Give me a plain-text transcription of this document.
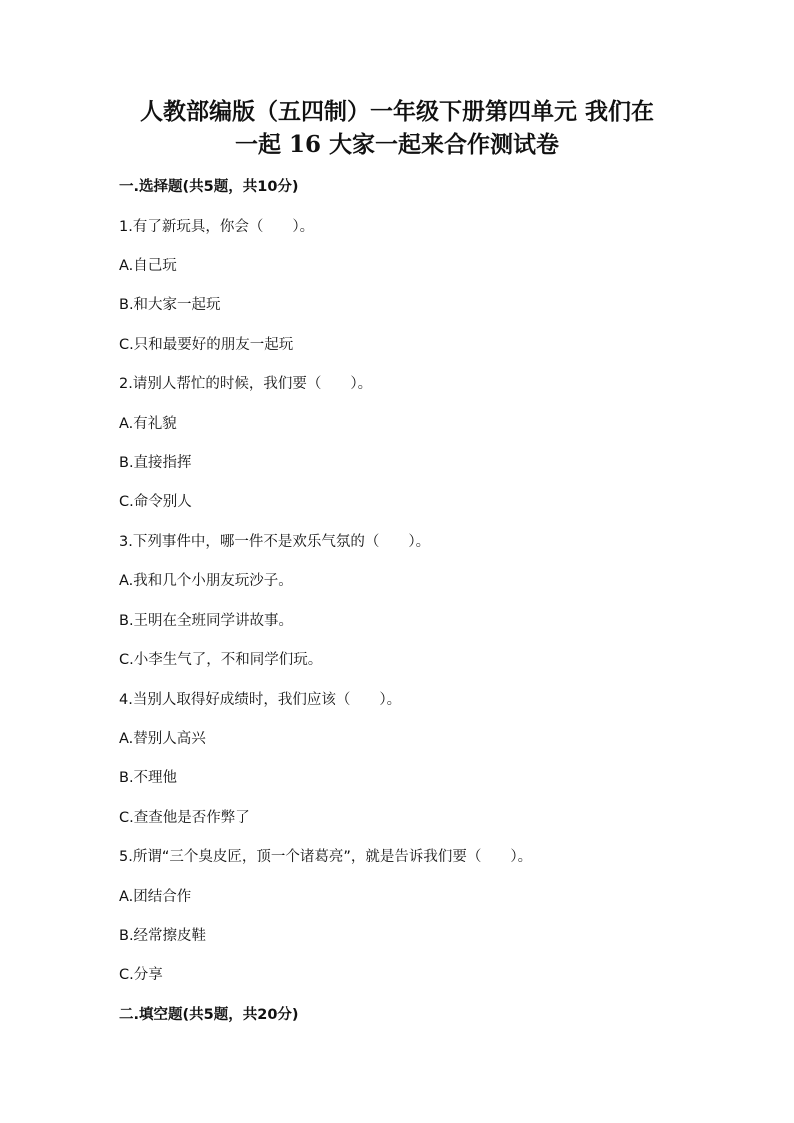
人教部编版（五四制）一年级下册第四单元 我们在
一起 16 大家一起来合作测试卷
一.选择题(共5题，共10分)
1.有了新玩具，你会（　　）。
A.自己玩
B.和大家一起玩
C.只和最要好的朋友一起玩
2.请别人帮忙的时候，我们要（　　）。
A.有礼貌
B.直接指挥
C.命令别人
3.下列事件中，哪一件不是欢乐气氛的（　　）。
A.我和几个小朋友玩沙子。
B.王明在全班同学讲故事。
C.小李生气了，不和同学们玩。
4.当别人取得好成绩时，我们应该（　　）。
A.替别人高兴
B.不理他
C.查查他是否作弊了
5.所谓“三个臭皮匠，顶一个诸葛亮”，就是告诉我们要（　　）。
A.团结合作
B.经常擦皮鞋
C.分享
二.填空题(共5题，共20分)
